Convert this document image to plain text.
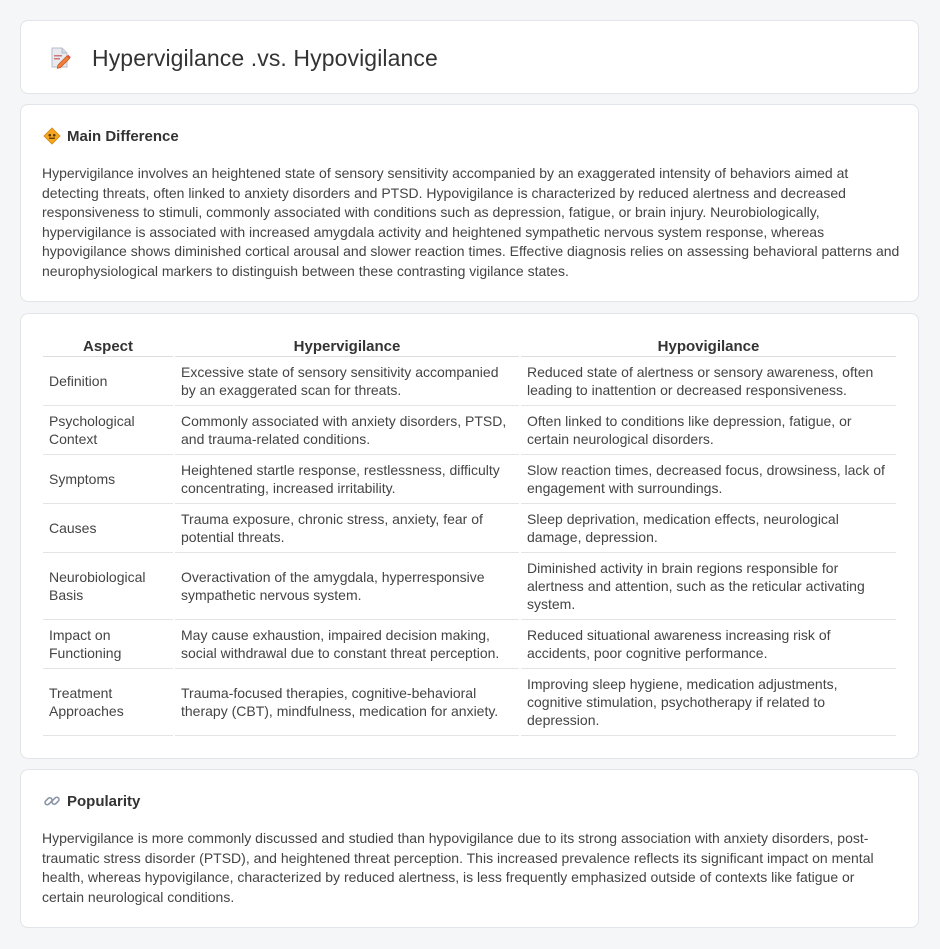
Hypervigilance .vs. Hypovigilance
Main Difference

Hypervigilance involves an heightened state of sensory sensitivity accompanied by an exaggerated intensity of behaviors aimed at detecting threats, often linked to anxiety disorders and PTSD. Hypovigilance is characterized by reduced alertness and decreased responsiveness to stimuli, commonly associated with conditions such as depression, fatigue, or brain injury. Neurobiologically, hypervigilance is associated with increased amygdala activity and heightened sympathetic nervous system response, whereas hypovigilance shows diminished cortical arousal and slower reaction times. Effective diagnosis relies on assessing behavioral patterns and neurophysiological markers to distinguish between these contrasting vigilance states.

Aspect	Hypervigilance	Hypovigilance
Definition	Excessive state of sensory sensitivity accompanied by an exaggerated scan for threats.	Reduced state of alertness or sensory awareness, often leading to inattention or decreased responsiveness.
Psychological Context	Commonly associated with anxiety disorders, PTSD, and trauma-related conditions.	Often linked to conditions like depression, fatigue, or certain neurological disorders.
Symptoms	Heightened startle response, restlessness, difficulty concentrating, increased irritability.	Slow reaction times, decreased focus, drowsiness, lack of engagement with surroundings.
Causes	Trauma exposure, chronic stress, anxiety, fear of potential threats.	Sleep deprivation, medication effects, neurological damage, depression.
Neurobiological Basis	Overactivation of the amygdala, hyperresponsive sympathetic nervous system.	Diminished activity in brain regions responsible for alertness and attention, such as the reticular activating system.
Impact on Functioning	May cause exhaustion, impaired decision making, social withdrawal due to constant threat perception.	Reduced situational awareness increasing risk of accidents, poor cognitive performance.
Treatment Approaches	Trauma-focused therapies, cognitive-behavioral therapy (CBT), mindfulness, medication for anxiety.	Improving sleep hygiene, medication adjustments, cognitive stimulation, psychotherapy if related to depression.
Popularity

Hypervigilance is more commonly discussed and studied than hypovigilance due to its strong association with anxiety disorders, post-traumatic stress disorder (PTSD), and heightened threat perception. This increased prevalence reflects its significant impact on mental health, whereas hypovigilance, characterized by reduced alertness, is less frequently emphasized outside of contexts like fatigue or certain neurological conditions.
